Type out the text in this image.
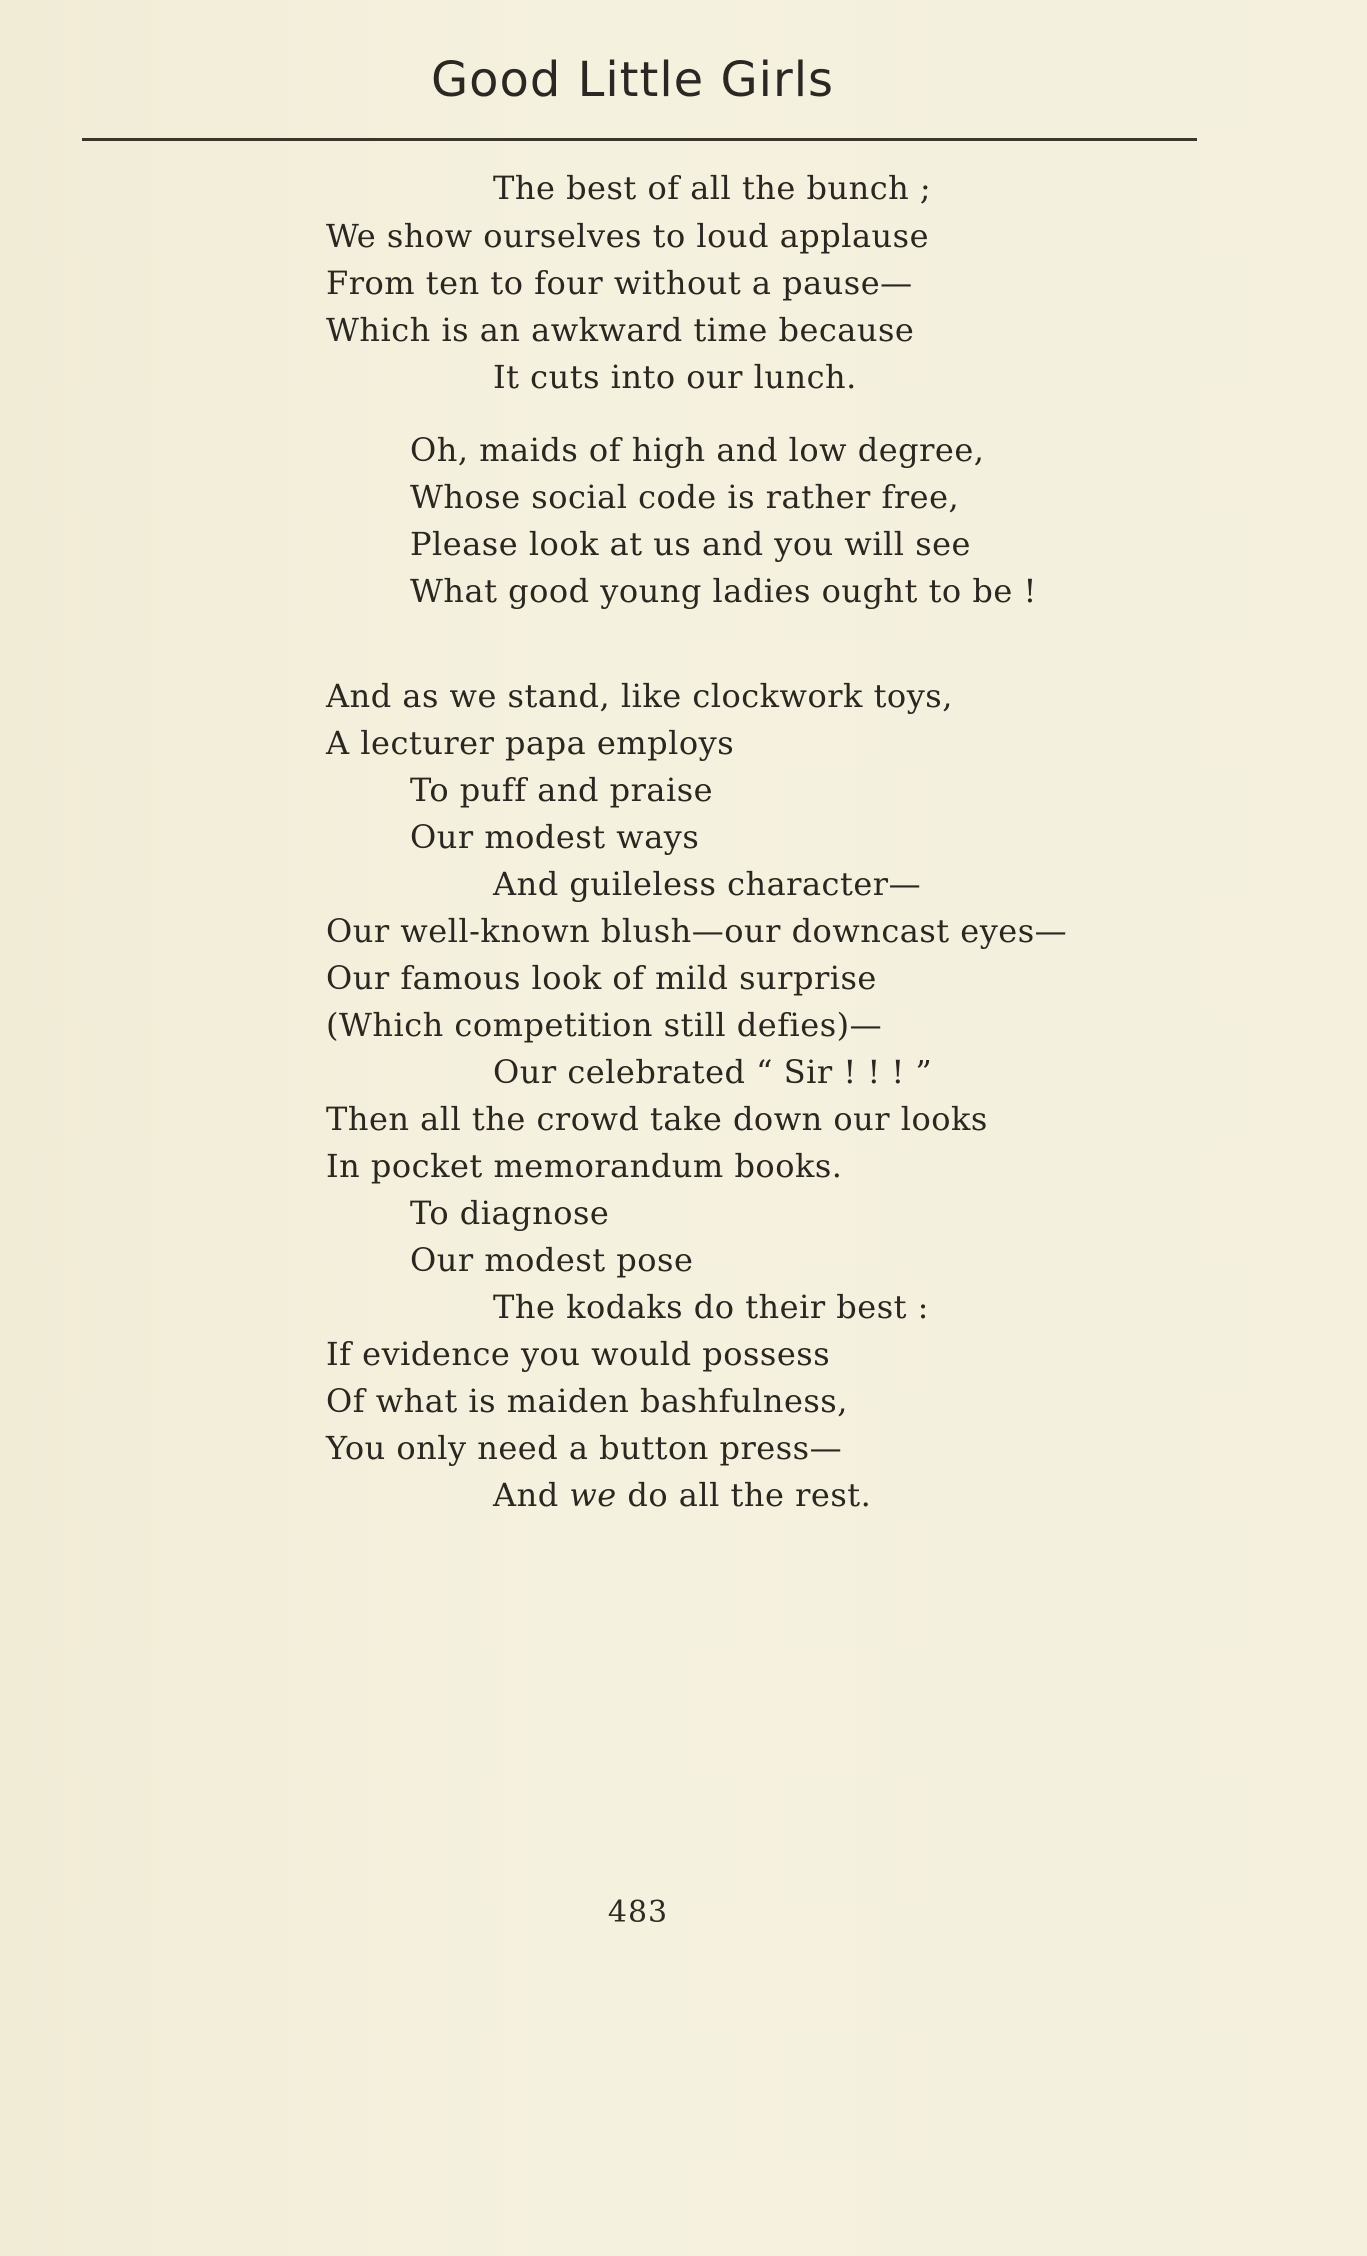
Good Little Girls
The best of all the bunch ;
We show ourselves to loud applause
From ten to four without a pause—
Which is an awkward time because
It cuts into our lunch.
Oh, maids of high and low degree,
Whose social code is rather free,
Please look at us and you will see
What good young ladies ought to be !
And as we stand, like clockwork toys,
A lecturer papa employs
To puff and praise
Our modest ways
And guileless character—
Our well-known blush—our downcast eyes—
Our famous look of mild surprise
(Which competition still defies)—
Our celebrated “ Sir ! ! ! ”
Then all the crowd take down our looks
In pocket memorandum books.
To diagnose
Our modest pose
The kodaks do their best :
If evidence you would possess
Of what is maiden bashfulness,
You only need a button press—
And we do all the rest.
483
